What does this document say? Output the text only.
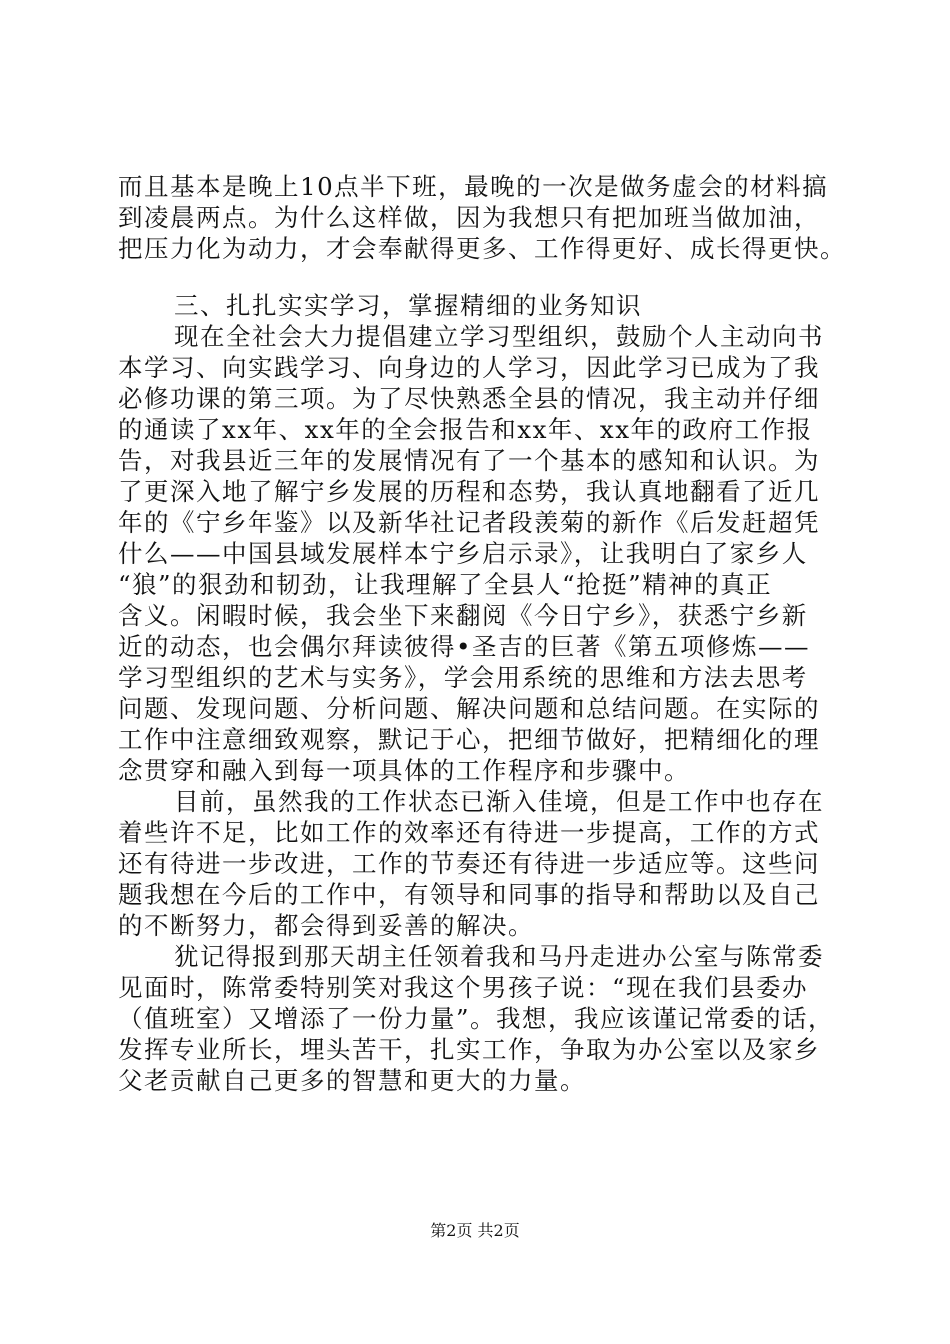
而且基本是晚上10点半下班，最晚的一次是做务虚会的材料搞
到凌晨两点。为什么这样做，因为我想只有把加班当做加油，
把压力化为动力，才会奉献得更多、工作得更好、成长得更快。
三、扎扎实实学习，掌握精细的业务知识
现在全社会大力提倡建立学习型组织，鼓励个人主动向书
本学习、向实践学习、向身边的人学习，因此学习已成为了我
必修功课的第三项。为了尽快熟悉全县的情况，我主动并仔细
的通读了xx年、xx年的全会报告和xx年、xx年的政府工作报
告，对我县近三年的发展情况有了一个基本的感知和认识。为
了更深入地了解宁乡发展的历程和态势，我认真地翻看了近几
年的《宁乡年鉴》以及新华社记者段羡菊的新作《后发赶超凭
什么——中国县域发展样本宁乡启示录》，让我明白了家乡人
“狼”的狠劲和韧劲，让我理解了全县人“抢挺”精神的真正
含义。闲暇时候，我会坐下来翻阅《今日宁乡》，获悉宁乡新
近的动态，也会偶尔拜读彼得•圣吉的巨著《第五项修炼——
学习型组织的艺术与实务》，学会用系统的思维和方法去思考
问题、发现问题、分析问题、解决问题和总结问题。在实际的
工作中注意细致观察，默记于心，把细节做好，把精细化的理
念贯穿和融入到每一项具体的工作程序和步骤中。
目前，虽然我的工作状态已渐入佳境，但是工作中也存在
着些许不足，比如工作的效率还有待进一步提高，工作的方式
还有待进一步改进，工作的节奏还有待进一步适应等。这些问
题我想在今后的工作中，有领导和同事的指导和帮助以及自己
的不断努力，都会得到妥善的解决。
犹记得报到那天胡主任领着我和马丹走进办公室与陈常委
见面时，陈常委特别笑对我这个男孩子说：“现在我们县委办
（值班室）又增添了一份力量”。我想，我应该谨记常委的话，
发挥专业所长，埋头苦干，扎实工作，争取为办公室以及家乡
父老贡献自己更多的智慧和更大的力量。
第2页 共2页
